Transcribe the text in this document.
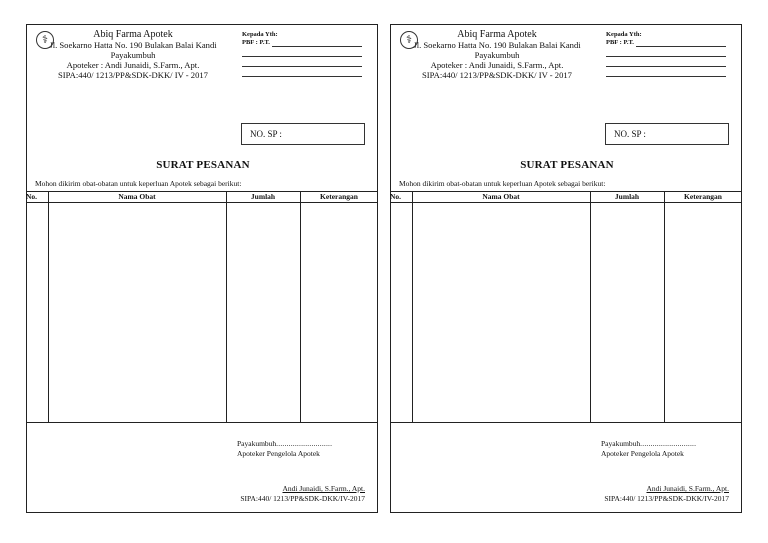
Abiq Farma Apotek
Jl. Soekarno Hatta No. 190 Bulakan Balai Kandi
Payakumbuh
Apoteker : Andi Junaidi, S.Farm., Apt.
SIPA:440/ 1213/PP&SDK-DKK/ IV - 2017
⚕	Kepada Yth:
PBF : P.T.
NO. SP :
SURAT PESANAN
Mohon dikirim obat-obatan untuk keperluan Apotek sebagai berikut:
No.	Nama Obat	Jumlah	Keterangan
Payakumbuh...........................
Apoteker Pengelola Apotek
Andi Junaidi, S.Farm., Apt.
SIPA:440/ 1213/PP&SDK-DKK/IV-2017
Abiq Farma Apotek
Jl. Soekarno Hatta No. 190 Bulakan Balai Kandi
Payakumbuh
Apoteker : Andi Junaidi, S.Farm., Apt.
SIPA:440/ 1213/PP&SDK-DKK/ IV - 2017
⚕	Kepada Yth:
PBF : P.T.
NO. SP :
SURAT PESANAN
Mohon dikirim obat-obatan untuk keperluan Apotek sebagai berikut:
No.	Nama Obat	Jumlah	Keterangan
Payakumbuh...........................
Apoteker Pengelola Apotek
Andi Junaidi, S.Farm., Apt.
SIPA:440/ 1213/PP&SDK-DKK/IV-2017
